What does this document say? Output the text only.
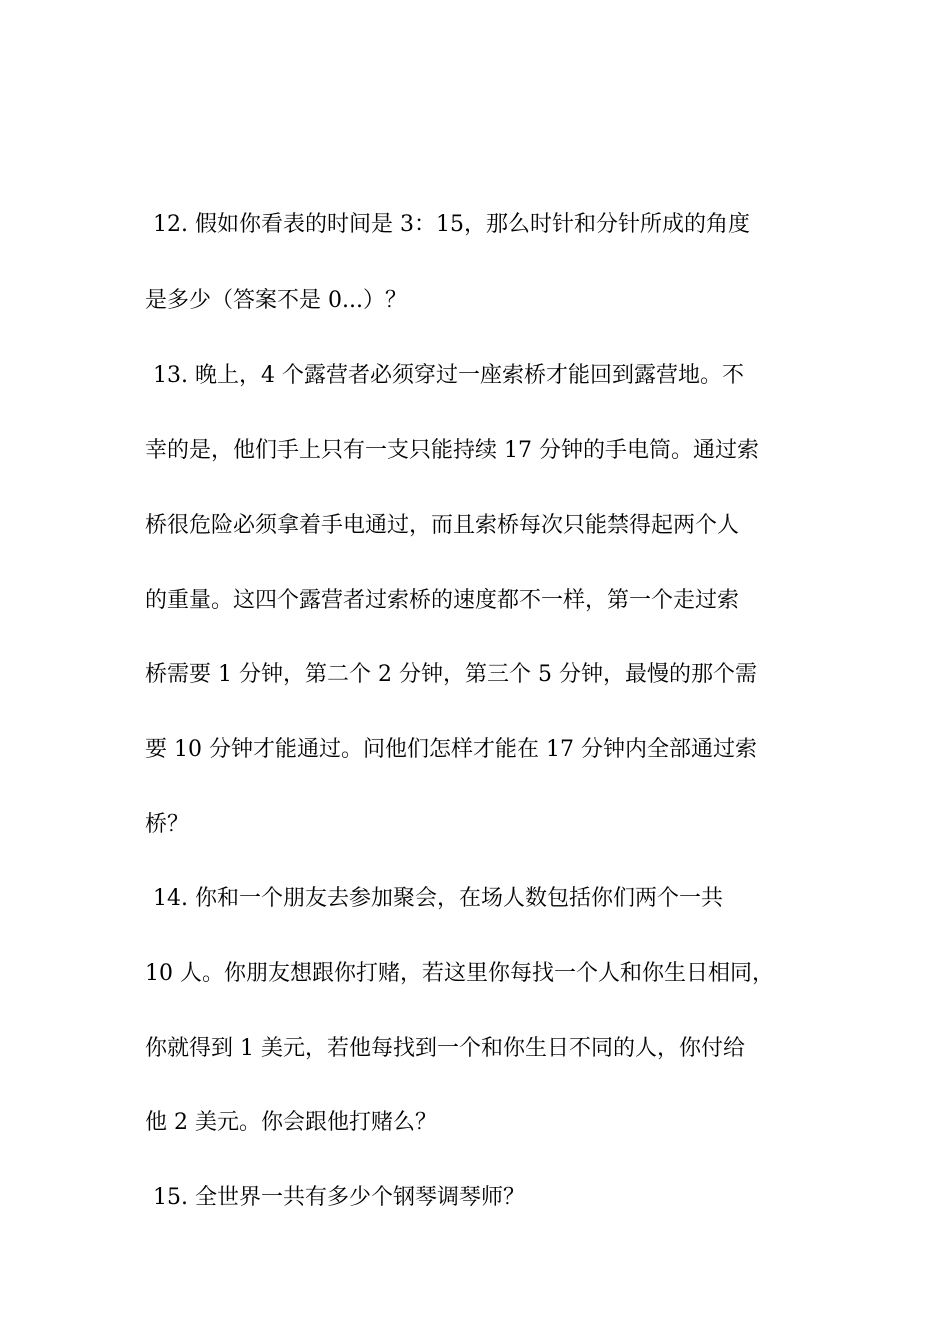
12. 假如你看表的时间是 3：15，那么时针和分针所成的角度
是多少（答案不是 0...）？
13. 晚上，4 个露营者必须穿过一座索桥才能回到露营地。不
幸的是，他们手上只有一支只能持续 17 分钟的手电筒。通过索
桥很危险必须拿着手电通过，而且索桥每次只能禁得起两个人
的重量。这四个露营者过索桥的速度都不一样，第一个走过索
桥需要 1 分钟，第二个 2 分钟，第三个 5 分钟，最慢的那个需
要 10 分钟才能通过。问他们怎样才能在 17 分钟内全部通过索
桥？
14. 你和一个朋友去参加聚会，在场人数包括你们两个一共
10 人。你朋友想跟你打赌，若这里你每找一个人和你生日相同，
你就得到 1 美元，若他每找到一个和你生日不同的人，你付给
他 2 美元。你会跟他打赌么？
15. 全世界一共有多少个钢琴调琴师？
